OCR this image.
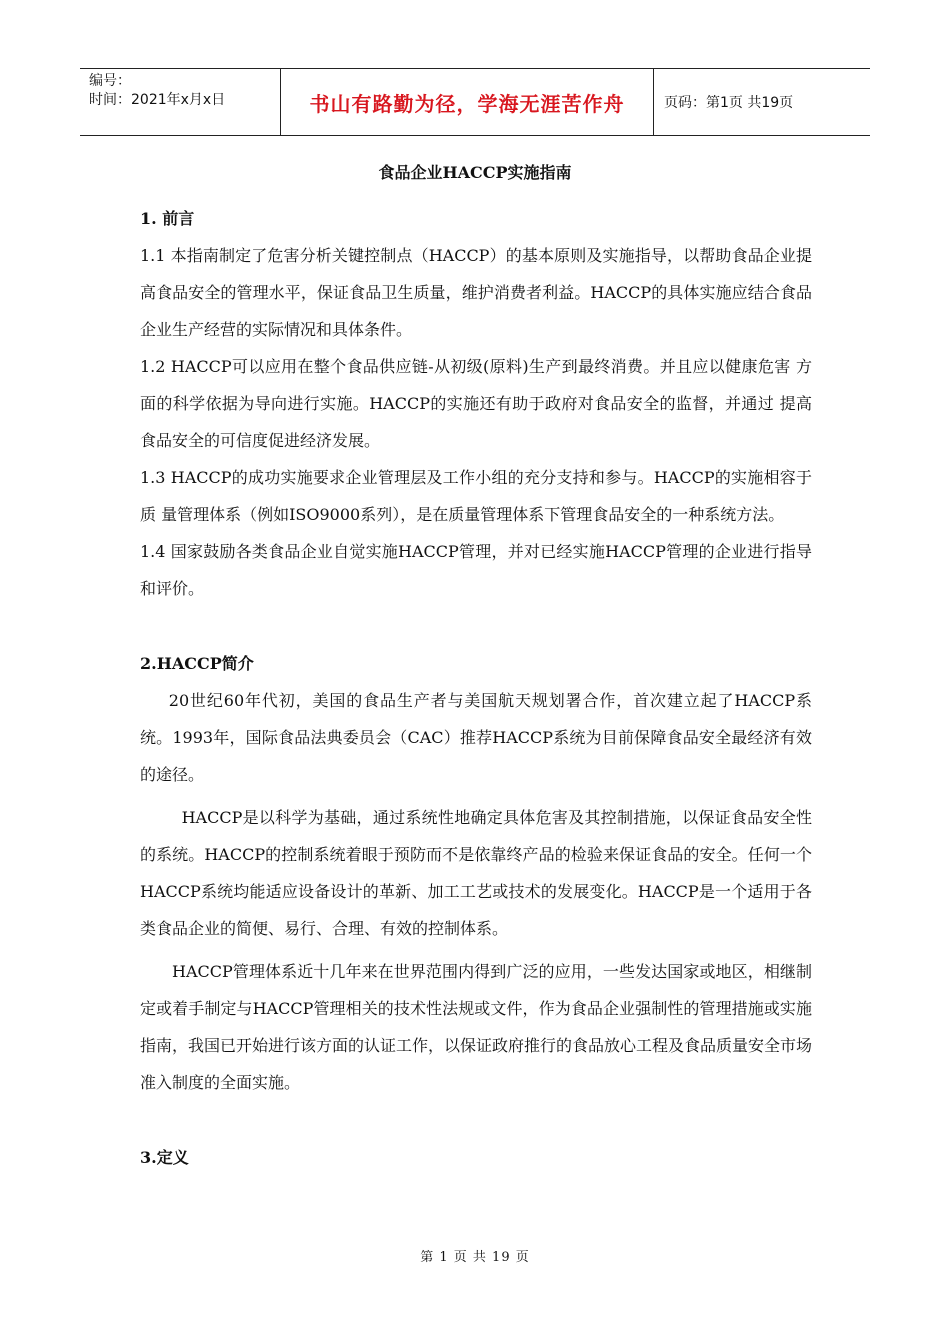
编号：
时间：2021年x月x日	书山有路勤为径，学海无涯苦作舟	页码：第1页 共19页
食品企业HACCP实施指南

1. 前言

1.1 本指南制定了危害分析关键控制点（HACCP）的基本原则及实施指导，以帮助食品企业提高食品安全的管理水平，保证食品卫生质量，维护消费者利益。HACCP的具体实施应结合食品企业生产经营的实际情况和具体条件。

1.2 HACCP可以应用在整个食品供应链-从初级(原料)生产到最终消费。并且应以健康危害 方面的科学依据为导向进行实施。HACCP的实施还有助于政府对食品安全的监督，并通过 提高食品安全的可信度促进经济发展。

1.3 HACCP的成功实施要求企业管理层及工作小组的充分支持和参与。HACCP的实施相容于质 量管理体系（例如ISO9000系列），是在质量管理体系下管理食品安全的一种系统方法。

1.4 国家鼓励各类食品企业自觉实施HACCP管理，并对已经实施HACCP管理的企业进行指导和评价。

2.HACCP简介

20世纪60年代初，美国的食品生产者与美国航天规划署合作，首次建立起了HACCP系统。1993年，国际食品法典委员会（CAC）推荐HACCP系统为目前保障食品安全最经济有效的途径。

HACCP是以科学为基础，通过系统性地确定具体危害及其控制措施，以保证食品安全性的系统。HACCP的控制系统着眼于预防而不是依靠终产品的检验来保证食品的安全。任何一个HACCP系统均能适应设备设计的革新、加工工艺或技术的发展变化。HACCP是一个适用于各类食品企业的简便、易行、合理、有效的控制体系。

HACCP管理体系近十几年来在世界范围内得到广泛的应用，一些发达国家或地区，相继制定或着手制定与HACCP管理相关的技术性法规或文件，作为食品企业强制性的管理措施或实施指南，我国已开始进行该方面的认证工作，以保证政府推行的食品放心工程及食品质量安全市场准入制度的全面实施。

3.定义

第 1 页 共 19 页
